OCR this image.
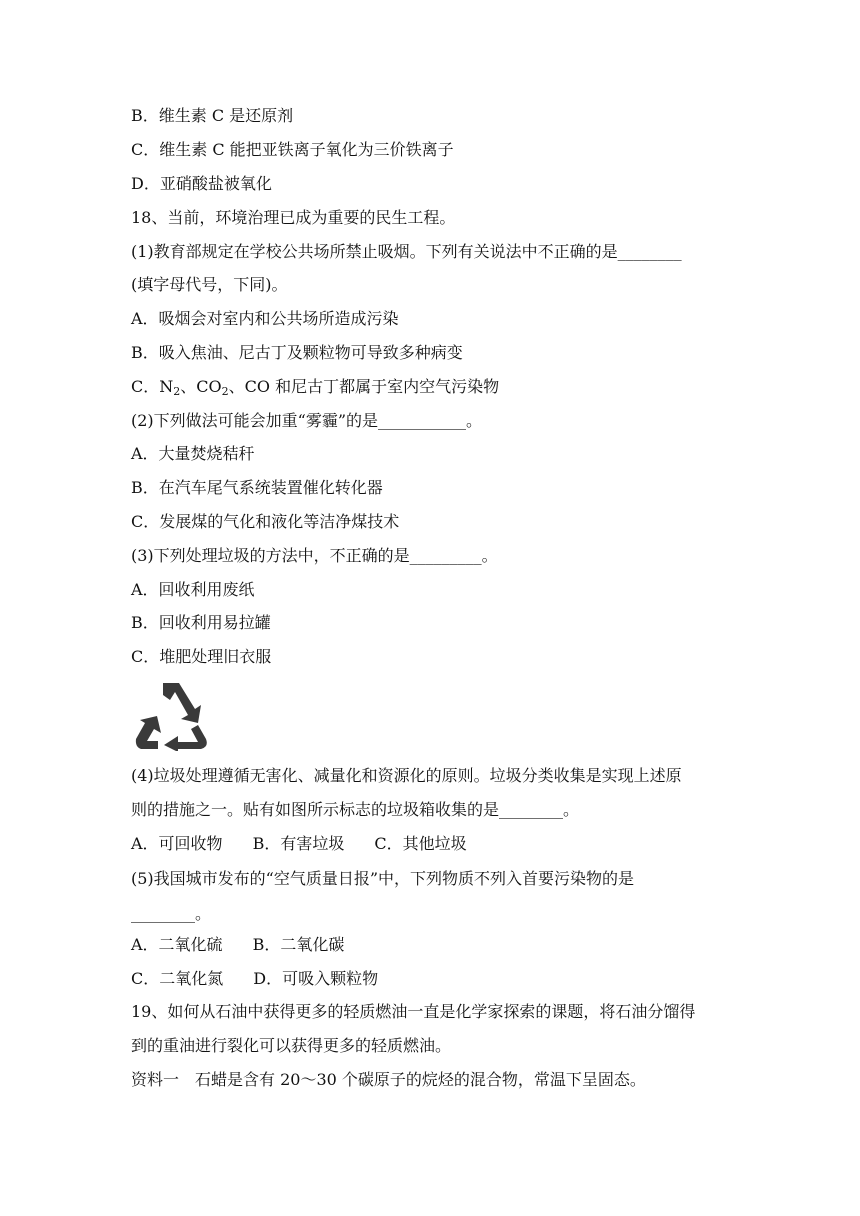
B．维生素 C 是还原剂
C．维生素 C 能把亚铁离子氧化为三价铁离子
D．亚硝酸盐被氧化
18、当前，环境治理已成为重要的民生工程。
(1)教育部规定在学校公共场所禁止吸烟。下列有关说法中不正确的是________
(填字母代号，下同)。
A．吸烟会对室内和公共场所造成污染
B．吸入焦油、尼古丁及颗粒物可导致多种病变
C．$N_2$、$CO_2$、CO 和尼古丁都属于室内空气污染物
(2)下列做法可能会加重“雾霾”的是___________。
A．大量焚烧秸秆
B．在汽车尾气系统装置催化转化器
C．发展煤的气化和液化等洁净煤技术
(3)下列处理垃圾的方法中，不正确的是_________。
A．回收利用废纸
B．回收利用易拉罐
C．堆肥处理旧衣服
(4)垃圾处理遵循无害化、减量化和资源化的原则。垃圾分类收集是实现上述原
则的措施之一。贴有如图所示标志的垃圾箱收集的是________。
A．可回收物 B．有害垃圾 C．其他垃圾
(5)我国城市发布的“空气质量日报”中，下列物质不列入首要污染物的是
________。
A．二氧化硫 B．二氧化碳
C．二氧化氮 D．可吸入颗粒物
19、如何从石油中获得更多的轻质燃油一直是化学家探索的课题，将石油分馏得
到的重油进行裂化可以获得更多的轻质燃油。
资料一　石蜡是含有 20～30 个碳原子的烷烃的混合物，常温下呈固态。
